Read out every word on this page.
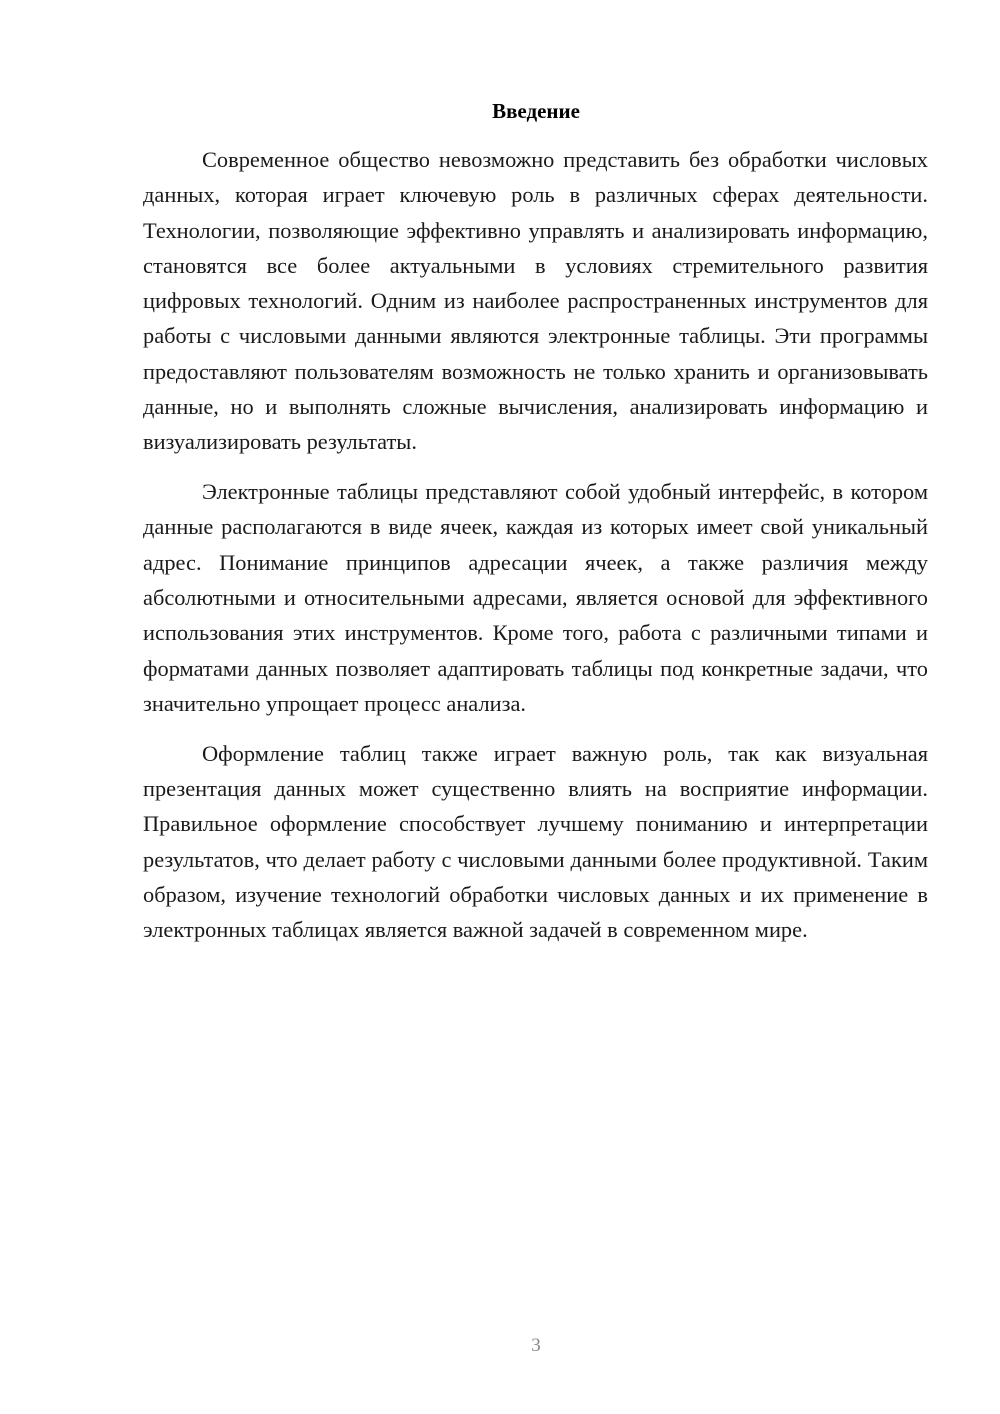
Введение

Современное общество невозможно представить без обработки числовых данных, которая играет ключевую роль в различных сферах деятельности. Технологии, позволяющие эффективно управлять и анализировать информацию, становятся все более актуальными в условиях стремительного развития цифровых технологий. Одним из наиболее распространенных инструментов для работы с числовыми данными являются электронные таблицы. Эти программы предоставляют пользователям возможность не только хранить и организовывать данные, но и выполнять сложные вычисления, анализировать информацию и визуализировать результаты.

Электронные таблицы представляют собой удобный интерфейс, в котором данные располагаются в виде ячеек, каждая из которых имеет свой уникальный адрес. Понимание принципов адресации ячеек, а также различия между абсолютными и относительными адресами, является основой для эффективного использования этих инструментов. Кроме того, работа с различными типами и форматами данных позволяет адаптировать таблицы под конкретные задачи, что значительно упрощает процесс анализа.

Оформление таблиц также играет важную роль, так как визуальная презентация данных может существенно влиять на восприятие информации. Правильное оформление способствует лучшему пониманию и интерпретации результатов, что делает работу с числовыми данными более продуктивной. Таким образом, изучение технологий обработки числовых данных и их применение в электронных таблицах является важной задачей в современном мире.

3
